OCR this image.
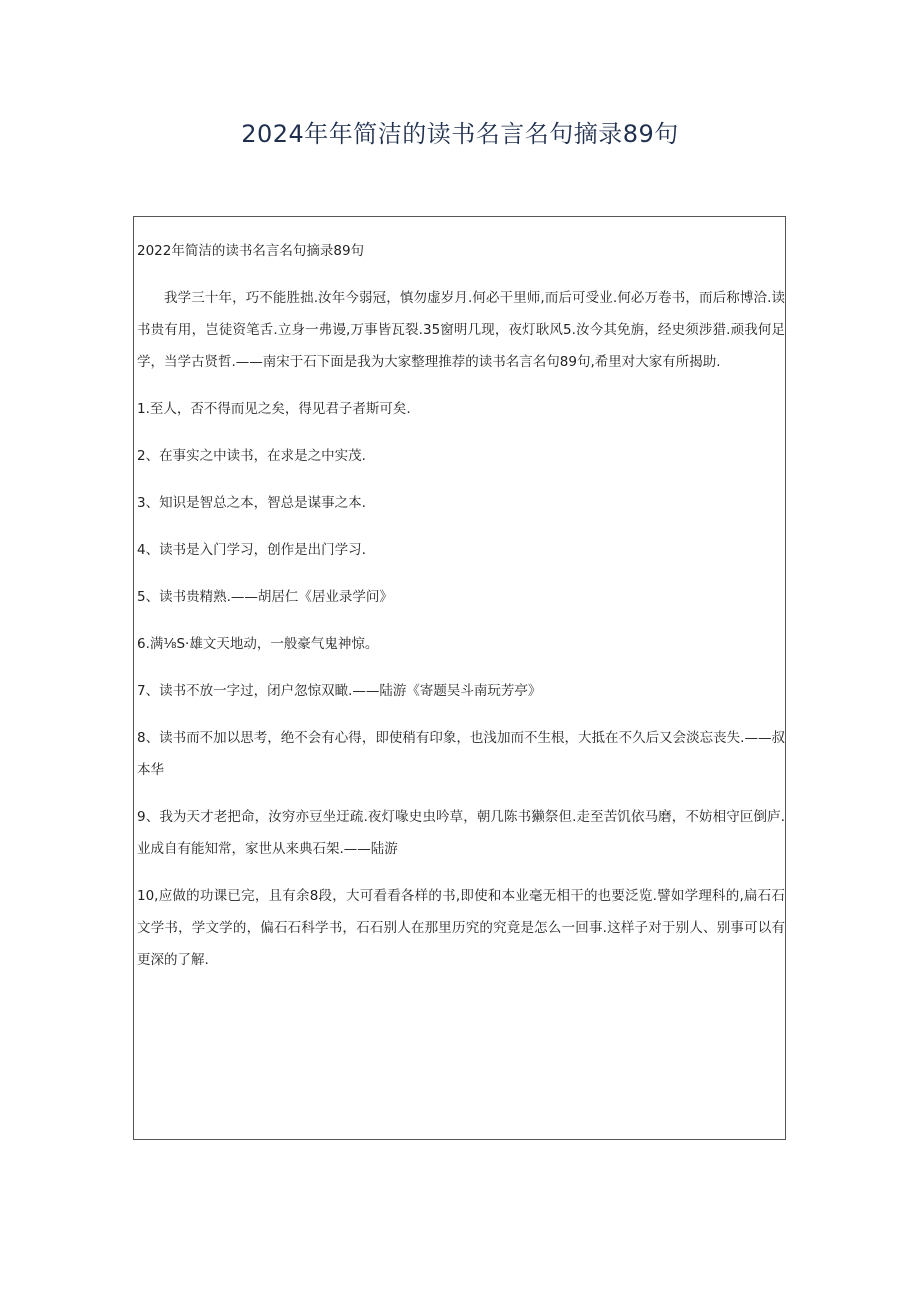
2024年年简洁的读书名言名句摘录89句

2022年简洁的读书名言名句摘录89句

我学三十年，巧不能胜拙.汝年今弱冠，慎勿虚岁月.何必干里师,而后可受业.何必万卷书，而后称博洽.读书贵有用，岂徒资笔舌.立身一弗谩,万事皆瓦裂.35窗明几现，夜灯耿风5.汝今其免旃，经史须涉猎.顽我何足学，当学古贤哲.——南宋于石下面是我为大家整理推荐的读书名言名句89句,希里对大家有所揭助.

1.至人，否不得而见之矣，得见君子者斯可矣.

2、在事实之中读书，在求是之中实茂.

3、知识是智总之本，智总是谋事之本.

4、读书是入门学习，创作是出门学习.

5、读书贵精熟.——胡居仁《居业录学问》

6.满⅛S·雄文天地动，一般豪气鬼神惊。

7、读书不放一字过，闭户忽惊双瞰.——陆游《寄题吴斗南玩芳亭》

8、读书而不加以思考，绝不会有心得，即使稍有印象，也浅加而不生根，大抵在不久后又会淡忘丧失.——叔本华

9、我为天才老把命，汝穷亦豆坐迂疏.夜灯喙史虫吟草，朝几陈书獭祭但.走至苦饥依马磨，不妨相守叵倒庐.业成自有能知常，家世从来典石架.——陆游

10,应做的功课已完，且有余8段，大可看看各样的书,即使和本业毫无相干的也要泛览.譬如学理科的,扁石石文学书，学文学的，偏石石科学书，石石别人在那里历究的究竟是怎么一回事.这样子对于别人、别事可以有更深的了解.
